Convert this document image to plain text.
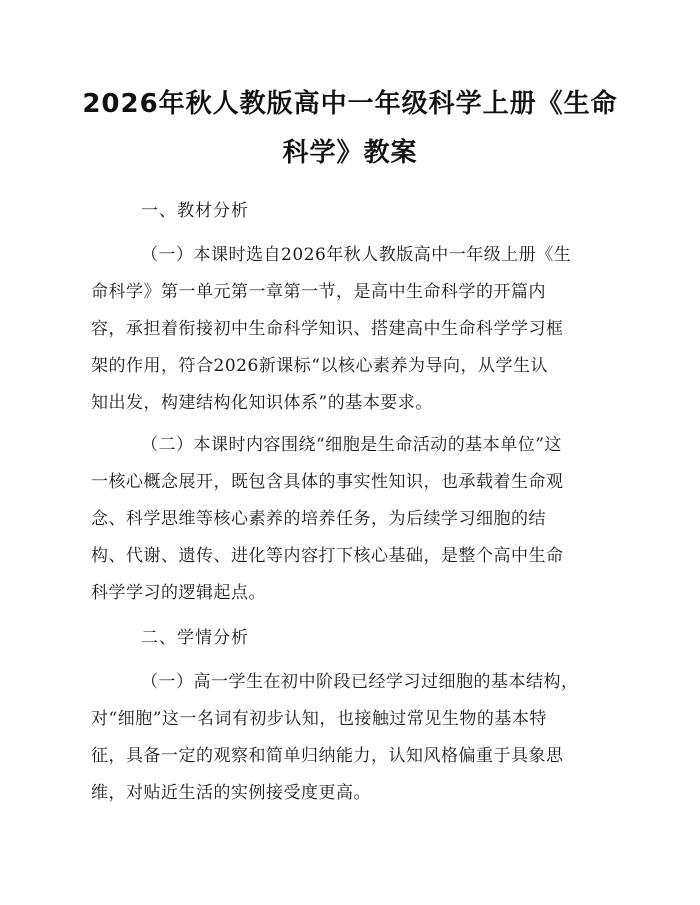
2026年秋人教版高中一年级科学上册《生命
科学》教案
一、教材分析
（一）本课时选自2026年秋人教版高中一年级上册《生
命科学》第一单元第一章第一节，是高中生命科学的开篇内
容，承担着衔接初中生命科学知识、搭建高中生命科学学习框
架的作用，符合2026新课标“以核心素养为导向，从学生认
知出发，构建结构化知识体系”的基本要求。
（二）本课时内容围绕“细胞是生命活动的基本单位”这
一核心概念展开，既包含具体的事实性知识，也承载着生命观
念、科学思维等核心素养的培养任务，为后续学习细胞的结
构、代谢、遗传、进化等内容打下核心基础，是整个高中生命
科学学习的逻辑起点。
二、学情分析
（一）高一学生在初中阶段已经学习过细胞的基本结构，
对“细胞”这一名词有初步认知，也接触过常见生物的基本特
征，具备一定的观察和简单归纳能力，认知风格偏重于具象思
维，对贴近生活的实例接受度更高。
